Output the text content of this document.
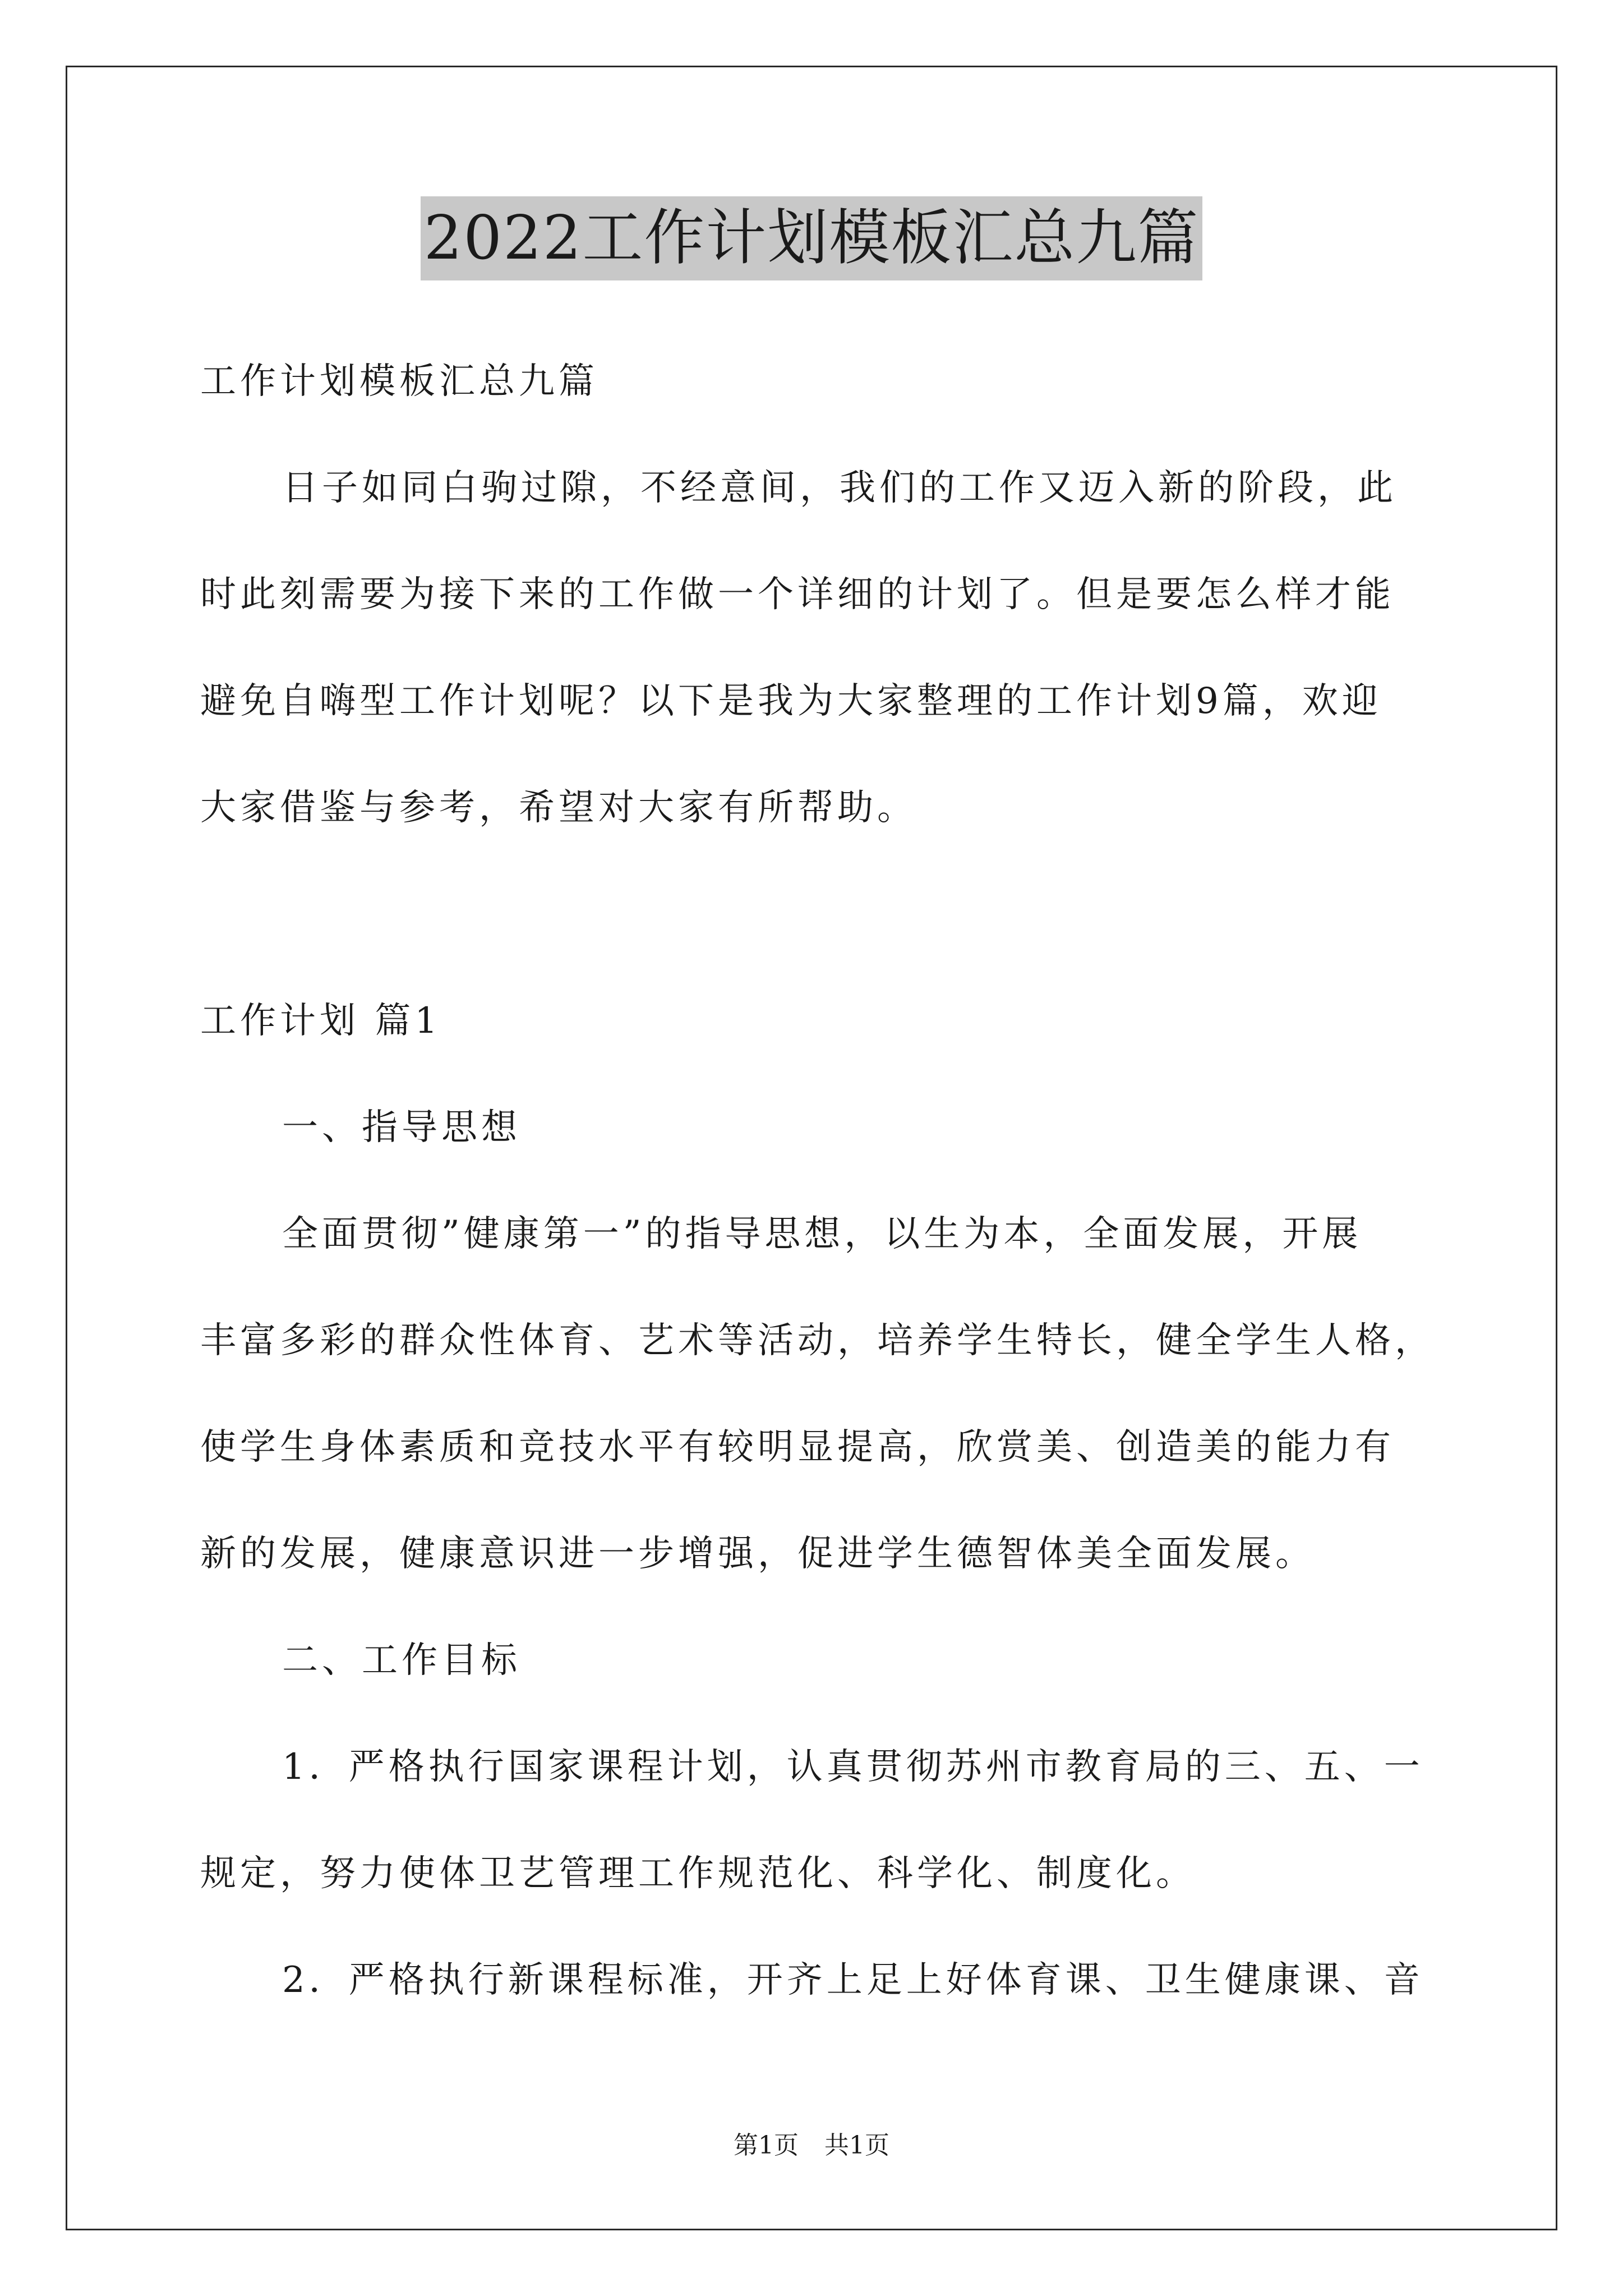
2022工作计划模板汇总九篇
工作计划模板汇总九篇
日子如同白驹过隙，不经意间，我们的工作又迈入新的阶段，此
时此刻需要为接下来的工作做一个详细的计划了。但是要怎么样才能
避免自嗨型工作计划呢？以下是我为大家整理的工作计划9篇，欢迎
大家借鉴与参考，希望对大家有所帮助。
工作计划 篇1
一、指导思想
全面贯彻”健康第一”的指导思想，以生为本，全面发展，开展
丰富多彩的群众性体育、艺术等活动，培养学生特长，健全学生人格，
使学生身体素质和竞技水平有较明显提高，欣赏美、创造美的能力有
新的发展，健康意识进一步增强，促进学生德智体美全面发展。
二、工作目标
1．严格执行国家课程计划，认真贯彻苏州市教育局的三、五、一
规定，努力使体卫艺管理工作规范化、科学化、制度化。
2．严格执行新课程标准，开齐上足上好体育课、卫生健康课、音
第1页 共1页
